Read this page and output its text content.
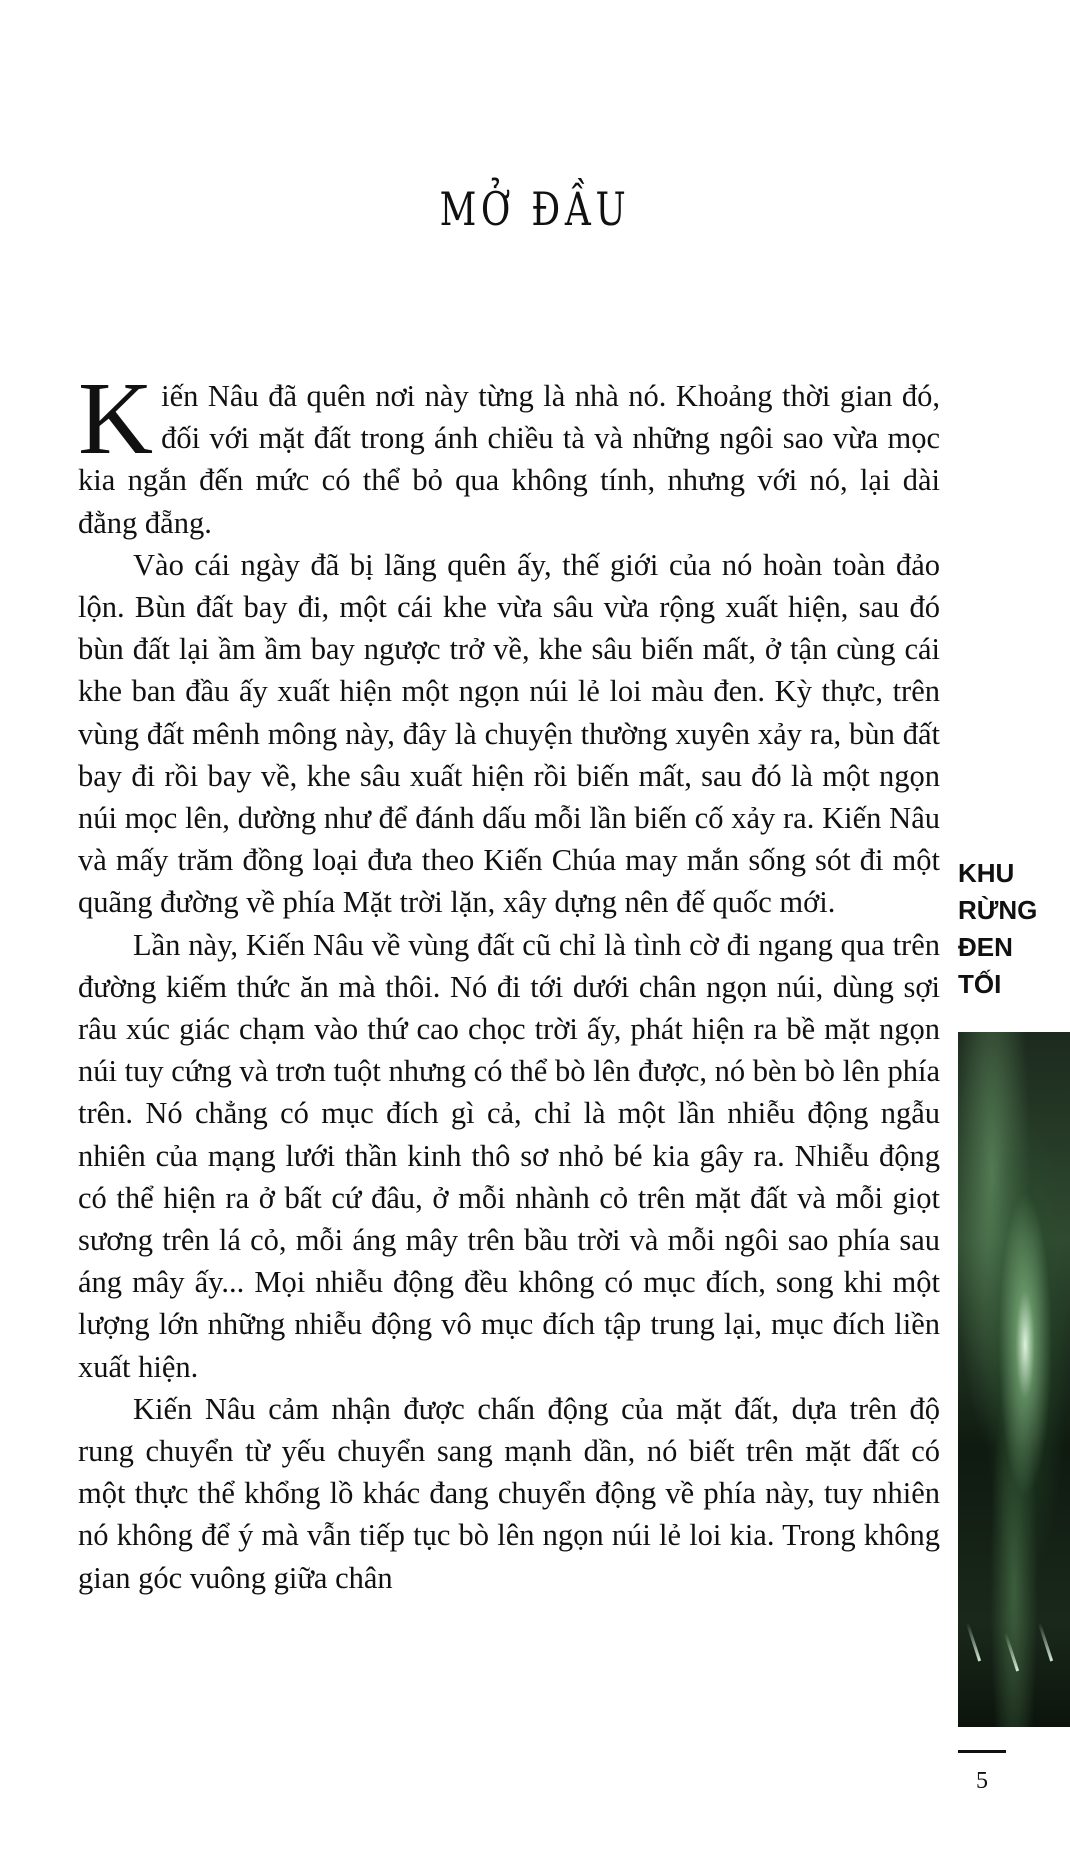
MỞ ĐẦU

Kiến Nâu đã quên nơi này từng là nhà nó. Khoảng thời gian đó, đối với mặt đất trong ánh chiều tà và những ngôi sao vừa mọc kia ngắn đến mức có thể bỏ qua không tính, nhưng với nó, lại dài đằng đẵng.

Vào cái ngày đã bị lãng quên ấy, thế giới của nó hoàn toàn đảo lộn. Bùn đất bay đi, một cái khe vừa sâu vừa rộng xuất hiện, sau đó bùn đất lại ầm ầm bay ngược trở về, khe sâu biến mất, ở tận cùng cái khe ban đầu ấy xuất hiện một ngọn núi lẻ loi màu đen. Kỳ thực, trên vùng đất mênh mông này, đây là chuyện thường xuyên xảy ra, bùn đất bay đi rồi bay về, khe sâu xuất hiện rồi biến mất, sau đó là một ngọn núi mọc lên, dường như để đánh dấu mỗi lần biến cố xảy ra. Kiến Nâu và mấy trăm đồng loại đưa theo Kiến Chúa may mắn sống sót đi một quãng đường về phía Mặt trời lặn, xây dựng nên đế quốc mới.

Lần này, Kiến Nâu về vùng đất cũ chỉ là tình cờ đi ngang qua trên đường kiếm thức ăn mà thôi. Nó đi tới dưới chân ngọn núi, dùng sợi râu xúc giác chạm vào thứ cao chọc trời ấy, phát hiện ra bề mặt ngọn núi tuy cứng và trơn tuột nhưng có thể bò lên được, nó bèn bò lên phía trên. Nó chẳng có mục đích gì cả, chỉ là một lần nhiễu động ngẫu nhiên của mạng lưới thần kinh thô sơ nhỏ bé kia gây ra. Nhiễu động có thể hiện ra ở bất cứ đâu, ở mỗi nhành cỏ trên mặt đất và mỗi giọt sương trên lá cỏ, mỗi áng mây trên bầu trời và mỗi ngôi sao phía sau áng mây ấy... Mọi nhiễu động đều không có mục đích, song khi một lượng lớn những nhiễu động vô mục đích tập trung lại, mục đích liền xuất hiện.

Kiến Nâu cảm nhận được chấn động của mặt đất, dựa trên độ rung chuyển từ yếu chuyển sang mạnh dần, nó biết trên mặt đất có một thực thể khổng lồ khác đang chuyển động về phía này, tuy nhiên nó không để ý mà vẫn tiếp tục bò lên ngọn núi lẻ loi kia. Trong không gian góc vuông giữa chân

KHU
RỪNG
ĐEN
TỐI
5
